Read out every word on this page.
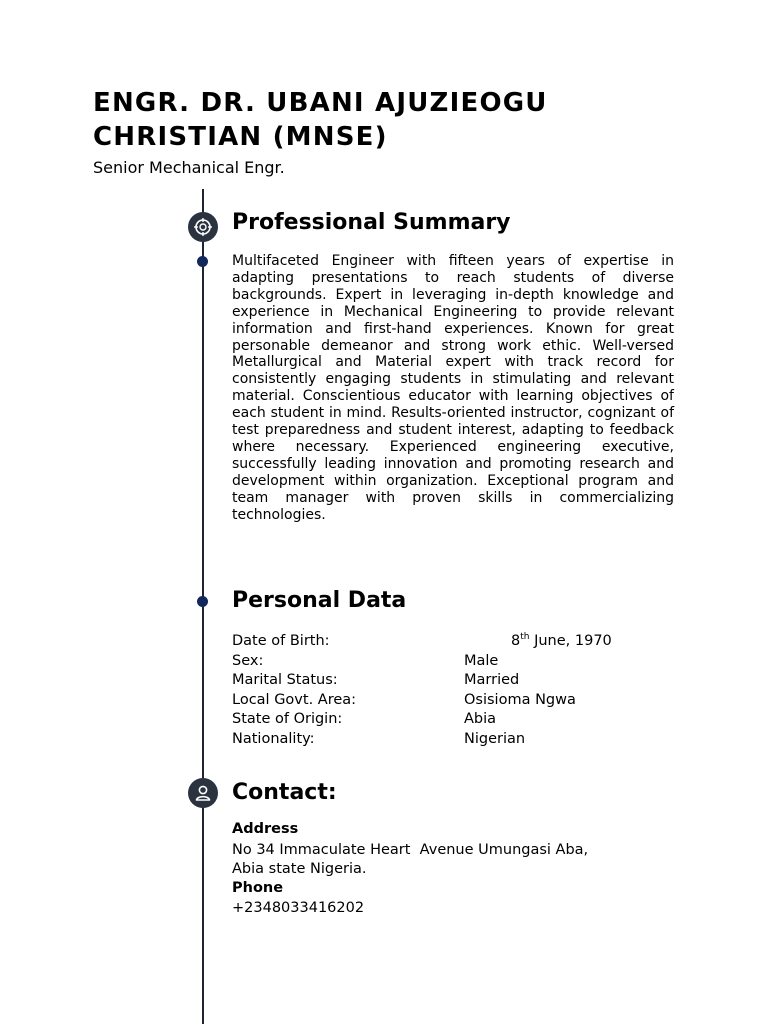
ENGR. DR. UBANI AJUZIEOGU
CHRISTIAN (MNSE)

Senior Mechanical Engr.

Professional Summary

Multifaceted Engineer with fifteen years of expertise in adapting presentations to reach students of diverse backgrounds. Expert in leveraging in-depth knowledge and experience in Mechanical Engineering to provide relevant information and first-hand experiences. Known for great personable demeanor and strong work ethic. Well-versed Metallurgical and Material expert with track record for consistently engaging students in stimulating and relevant material. Conscientious educator with learning objectives of each student in mind. Results-oriented instructor, cognizant of test preparedness and student interest, adapting to feedback where necessary. Experienced engineering executive, successfully leading innovation and promoting research and development within organization. Exceptional program and team manager with proven skills in commercializing technologies.

Personal Data
Date of Birth:	8th June, 1970
Sex:	Male
Marital Status:	Married
Local Govt. Area:	Osisioma Ngwa
State of Origin:	Abia
Nationality:	Nigerian
Contact:
Address
No 34 Immaculate Heart  Avenue Umungasi Aba,
Abia state Nigeria.
Phone
+2348033416202
